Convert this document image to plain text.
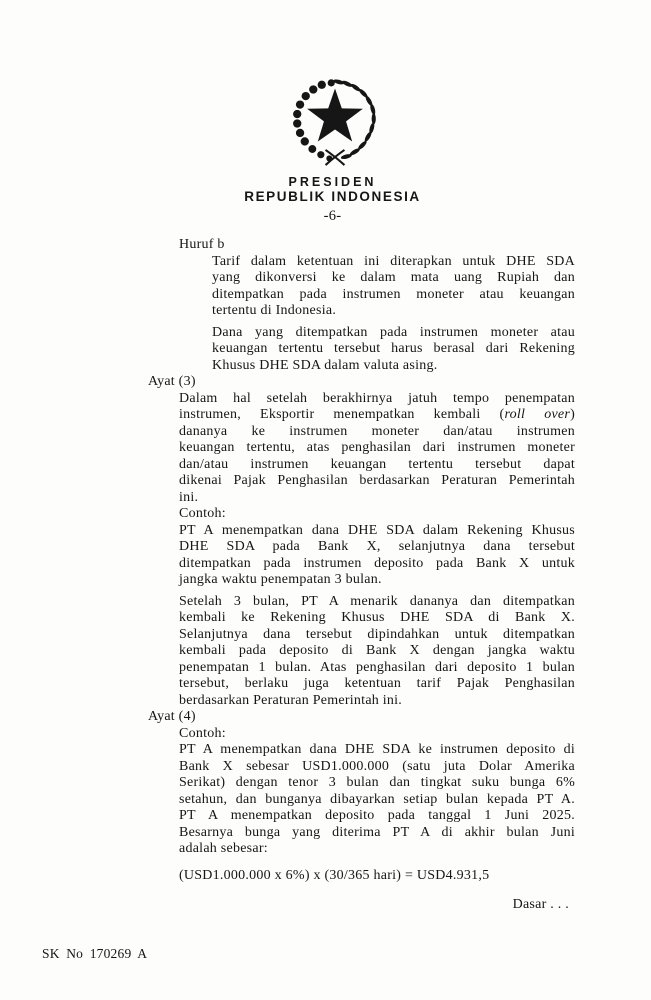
PRESIDEN
REPUBLIK INDONESIA
-6-
Huruf b
Tarif dalam ketentuan ini diterapkan untuk DHE SDA
yang dikonversi ke dalam mata uang Rupiah dan
ditempatkan pada instrumen moneter atau keuangan
tertentu di Indonesia.
Dana yang ditempatkan pada instrumen moneter atau
keuangan tertentu tersebut harus berasal dari Rekening
Khusus DHE SDA dalam valuta asing.
Ayat (3)
Dalam hal setelah berakhirnya jatuh tempo penempatan
instrumen, Eksportir menempatkan kembali (roll over)
dananya ke instrumen moneter dan/atau instrumen
keuangan tertentu, atas penghasilan dari instrumen moneter
dan/atau instrumen keuangan tertentu tersebut dapat
dikenai Pajak Penghasilan berdasarkan Peraturan Pemerintah
ini.
Contoh:
PT A menempatkan dana DHE SDA dalam Rekening Khusus
DHE SDA pada Bank X, selanjutnya dana tersebut
ditempatkan pada instrumen deposito pada Bank X untuk
jangka waktu penempatan 3 bulan.
Setelah 3 bulan, PT A menarik dananya dan ditempatkan
kembali ke Rekening Khusus DHE SDA di Bank X.
Selanjutnya dana tersebut dipindahkan untuk ditempatkan
kembali pada deposito di Bank X dengan jangka waktu
penempatan 1 bulan. Atas penghasilan dari deposito 1 bulan
tersebut, berlaku juga ketentuan tarif Pajak Penghasilan
berdasarkan Peraturan Pemerintah ini.
Ayat (4)
Contoh:
PT A menempatkan dana DHE SDA ke instrumen deposito di
Bank X sebesar USD1.000.000 (satu juta Dolar Amerika
Serikat) dengan tenor 3 bulan dan tingkat suku bunga 6%
setahun, dan bunganya dibayarkan setiap bulan kepada PT A.
PT A menempatkan deposito pada tanggal 1 Juni 2025.
Besarnya bunga yang diterima PT A di akhir bulan Juni
adalah sebesar:
(USD1.000.000 x 6%) x (30/365 hari) = USD4.931,5
Dasar . . .
SK No 170269 A
